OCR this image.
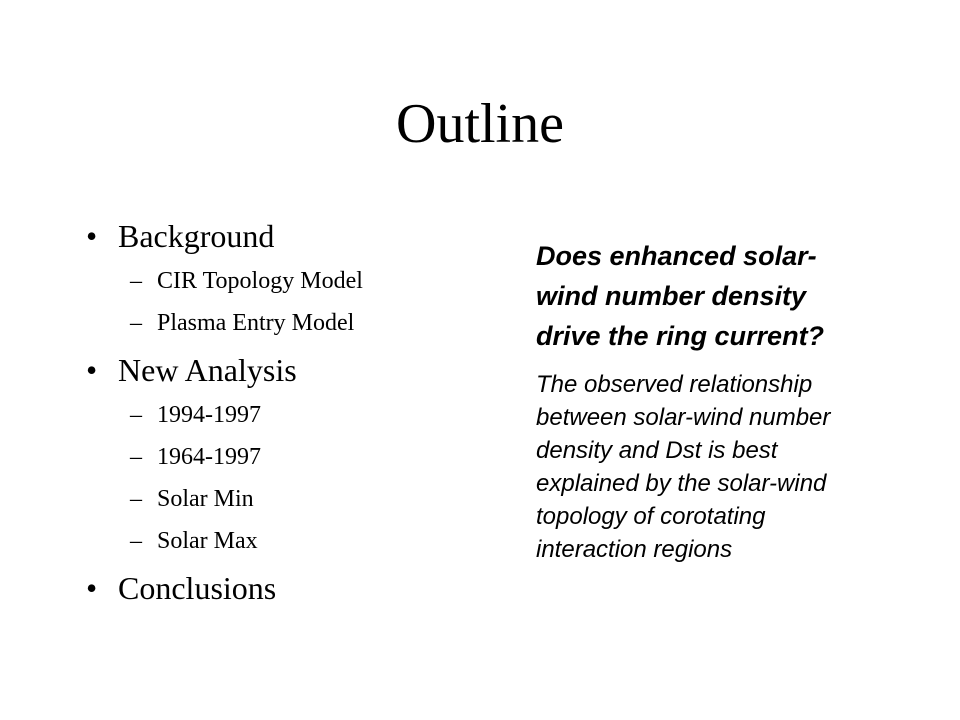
Outline
• Background
– CIR Topology Model
– Plasma Entry Model
• New Analysis
– 1994-1997
– 1964-1997
– Solar Min
– Solar Max
• Conclusions
Does enhanced solar-
wind number density
drive the ring current?
The observed relationship
between solar-wind number
density and Dst is best
explained by the solar-wind
topology of corotating
interaction regions
